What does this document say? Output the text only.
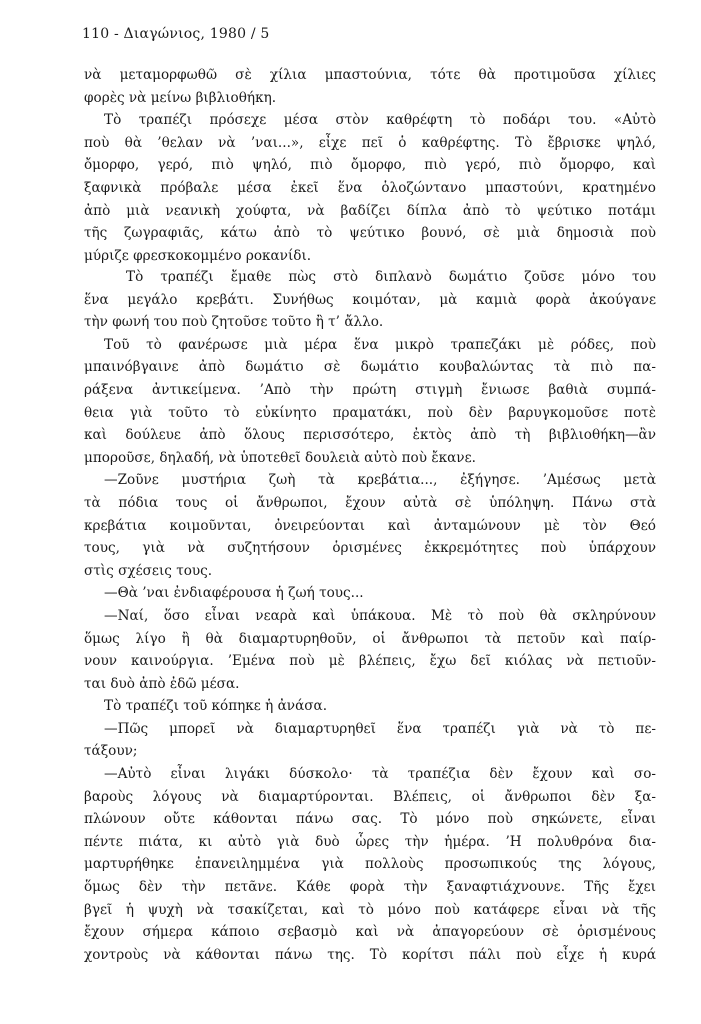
110 - Διαγώνιος, 1980 / 5
νὰ μεταμορφωθῶ σὲ χίλια μπαστούνια, τότε θὰ προτιμοῦσα χίλιες
φορὲς νὰ μείνω βιβλιοθήκη.
Τὸ τραπέζι πρόσεχε μέσα στὸν καθρέφτη τὸ ποδάρι του. «Αὐτὸ
ποὺ θὰ ’θελαν νὰ ’ναι...», εἶχε πεῖ ὁ καθρέφτης. Τὸ ἔβρισκε ψηλό,
ὄμορφο, γερό, πιὸ ψηλό, πιὸ ὄμορφο, πιὸ γερό, πιὸ ὄμορφο, καὶ
ξαφνικὰ πρόβαλε μέσα ἐκεῖ ἕνα ὁλοζώντανο μπαστούνι, κρατημένο
ἀπὸ μιὰ νεανικὴ χούφτα, νὰ βαδίζει δίπλα ἀπὸ τὸ ψεύτικο ποτάμι
τῆς ζωγραφιᾶς, κάτω ἀπὸ τὸ ψεύτικο βουνό, σὲ μιὰ δημοσιὰ ποὺ
μύριζε φρεσκοκομμένο ροκανίδι.
Τὸ τραπέζι ἔμαθε πὼς στὸ διπλανὸ δωμάτιο ζοῦσε μόνο του
ἕνα μεγάλο κρεβάτι. Συνήθως κοιμόταν, μὰ καμιὰ φορὰ ἀκούγανε
τὴν φωνή του ποὺ ζητοῦσε τοῦτο ἢ τ’ ἄλλο.
Τοῦ τὸ φανέρωσε μιὰ μέρα ἕνα μικρὸ τραπεζάκι μὲ ρόδες, ποὺ
μπαινόβγαινε ἀπὸ δωμάτιο σὲ δωμάτιο κουβαλώντας τὰ πιὸ πα-
ράξενα ἀντικείμενα. ’Απὸ τὴν πρώτη στιγμὴ ἔνιωσε βαθιὰ συμπά-
θεια γιὰ τοῦτο τὸ εὐκίνητο πραματάκι, ποὺ δὲν βαρυγκομοῦσε ποτὲ
καὶ δούλευε ἀπὸ ὅλους περισσότερο, ἐκτὸς ἀπὸ τὴ βιβλιοθήκη—ἂν
μποροῦσε, δηλαδή, νὰ ὑποτεθεῖ δουλειὰ αὐτὸ ποὺ ἔκανε.
—Ζοῦνε μυστήρια ζωὴ τὰ κρεβάτια..., ἐξήγησε. ’Αμέσως μετὰ
τὰ πόδια τους οἱ ἄνθρωποι, ἔχουν αὐτὰ σὲ ὑπόληψη. Πάνω στὰ
κρεβάτια κοιμοῦνται, ὀνειρεύονται καὶ ἀνταμώνουν μὲ τὸν Θεό
τους, γιὰ νὰ συζητήσουν ὁρισμένες ἐκκρεμότητες ποὺ ὑπάρχουν
στὶς σχέσεις τους.
—Θὰ ’ναι ἐνδιαφέρουσα ἡ ζωή τους...
—Ναί, ὅσο εἶναι νεαρὰ καὶ ὑπάκουα. Μὲ τὸ ποὺ θὰ σκληρύνουν
ὅμως λίγο ἢ θὰ διαμαρτυρηθοῦν, οἱ ἄνθρωποι τὰ πετοῦν καὶ παίρ-
νουν καινούργια. ’Εμένα ποὺ μὲ βλέπεις, ἔχω δεῖ κιόλας νὰ πετιοῦν-
ται δυὸ ἀπὸ ἐδῶ μέσα.
Τὸ τραπέζι τοῦ κόπηκε ἡ ἀνάσα.
—Πῶς μπορεῖ νὰ διαμαρτυρηθεῖ ἕνα τραπέζι γιὰ νὰ τὸ πε-
τάξουν;
—Αὐτὸ εἶναι λιγάκι δύσκολο· τὰ τραπέζια δὲν ἔχουν καὶ σο-
βαροὺς λόγους νὰ διαμαρτύρονται. Βλέπεις, οἱ ἄνθρωποι δὲν ξα-
πλώνουν οὔτε κάθονται πάνω σας. Τὸ μόνο ποὺ σηκώνετε, εἶναι
πέντε πιάτα, κι αὐτὸ γιὰ δυὸ ὧρες τὴν ἡμέρα. ’Η πολυθρόνα δια-
μαρτυρήθηκε ἐπανειλημμένα γιὰ πολλοὺς προσωπικούς της λόγους,
ὅμως δὲν τὴν πετᾶνε. Κάθε φορὰ τὴν ξαναφτιάχνουνε. Τῆς ἔχει
βγεῖ ἡ ψυχὴ νὰ τσακίζεται, καὶ τὸ μόνο ποὺ κατάφερε εἶναι νὰ τῆς
ἔχουν σήμερα κάποιο σεβασμὸ καὶ νὰ ἀπαγορεύουν σὲ ὁρισμένους
χοντροὺς νὰ κάθονται πάνω της. Τὸ κορίτσι πάλι ποὺ εἶχε ἡ κυρά
